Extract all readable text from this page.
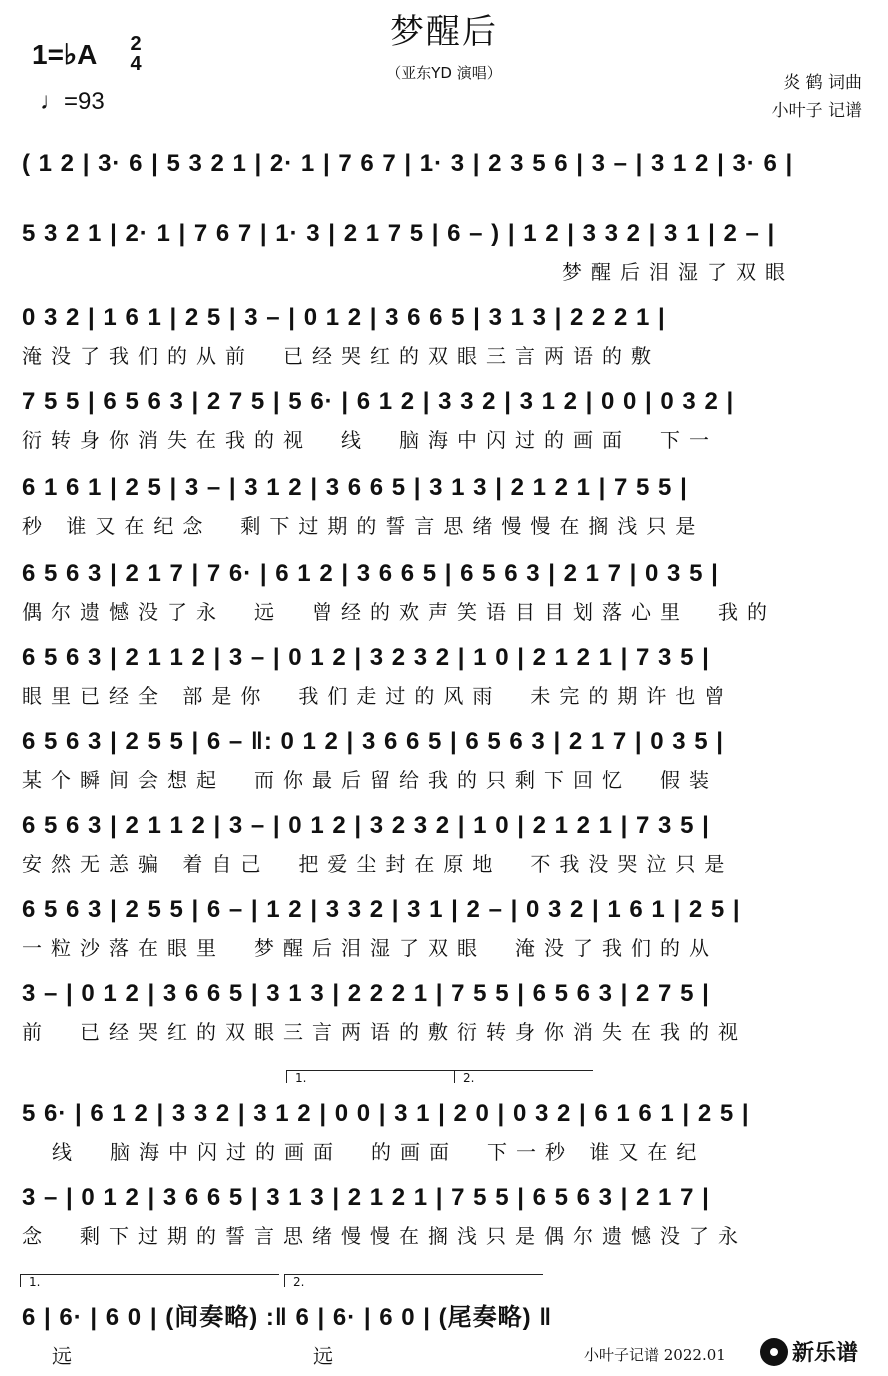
梦醒后
（亚东YD 演唱）
1=♭A	2
4
♩=93
炎 鹤 词曲
小叶子 记谱
( 1 2 | 3· 6 | 5 3 2 1 | 2· 1 | 7 6 7 | 1· 3 | 2 3 5 6 | 3 – | 3 1 2 | 3· 6 |
5 3 2 1 | 2· 1 | 7 6 7 | 1· 3 | 2 1 7 5 | 6 – ) | 1 2 | 3 3 2 | 3 1 | 2 – |
梦醒后泪湿了双眼
0 3 2 | 1 6 1 | 2 5 | 3 – | 0 1 2 | 3 6 6 5 | 3 1 3 | 2 2 2 1 |
淹没了我们的从前　已经哭红的双眼三言两语的敷
7 5 5 | 6 5 6 3 | 2 7 5 | 5 6· | 6 1 2 | 3 3 2 | 3 1 2 | 0 0 | 0 3 2 |
衍转身你消失在我的视　线　脑海中闪过的画面　下一
6 1 6 1 | 2 5 | 3 – | 3 1 2 | 3 6 6 5 | 3 1 3 | 2 1 2 1 | 7 5 5 |
秒 谁又在纪念　剩下过期的誓言思绪慢慢在搁浅只是
6 5 6 3 | 2 1 7 | 7 6· | 6 1 2 | 3 6 6 5 | 6 5 6 3 | 2 1 7 | 0 3 5 |
偶尔遗憾没了永　远　曾经的欢声笑语目目划落心里　我的
6 5 6 3 | 2 1 1 2 | 3 – | 0 1 2 | 3 2 3 2 | 1 0 | 2 1 2 1 | 7 3 5 |
眼里已经全 部是你　我们走过的风雨　未完的期许也曾
6 5 6 3 | 2 5 5 | 6 – ‖: 0 1 2 | 3 6 6 5 | 6 5 6 3 | 2 1 7 | 0 3 5 |
某个瞬间会想起　而你最后留给我的只剩下回忆　假装
6 5 6 3 | 2 1 1 2 | 3 – | 0 1 2 | 3 2 3 2 | 1 0 | 2 1 2 1 | 7 3 5 |
安然无恙骗 着自己　把爱尘封在原地　不我没哭泣只是
6 5 6 3 | 2 5 5 | 6 – | 1 2 | 3 3 2 | 3 1 | 2 – | 0 3 2 | 1 6 1 | 2 5 |
一粒沙落在眼里　梦醒后泪湿了双眼　淹没了我们的从
3 – | 0 1 2 | 3 6 6 5 | 3 1 3 | 2 2 2 1 | 7 5 5 | 6 5 6 3 | 2 7 5 |
前　已经哭红的双眼三言两语的敷衍转身你消失在我的视
1.	2.
5 6· | 6 1 2 | 3 3 2 | 3 1 2 | 0 0 | 3 1 | 2 0 | 0 3 2 | 6 1 6 1 | 2 5 |
线　脑海中闪过的画面　的画面　下一秒 谁又在纪
3 – | 0 1 2 | 3 6 6 5 | 3 1 3 | 2 1 2 1 | 7 5 5 | 6 5 6 3 | 2 1 7 |
念　剩下过期的誓言思绪慢慢在搁浅只是偶尔遗憾没了永
1.	2.
6 | 6· | 6 0 | (间奏略) :‖ 6 | 6· | 6 0 | (尾奏略) ‖
远　　　　　　　　远	小叶子记谱 2022.01	新乐谱
